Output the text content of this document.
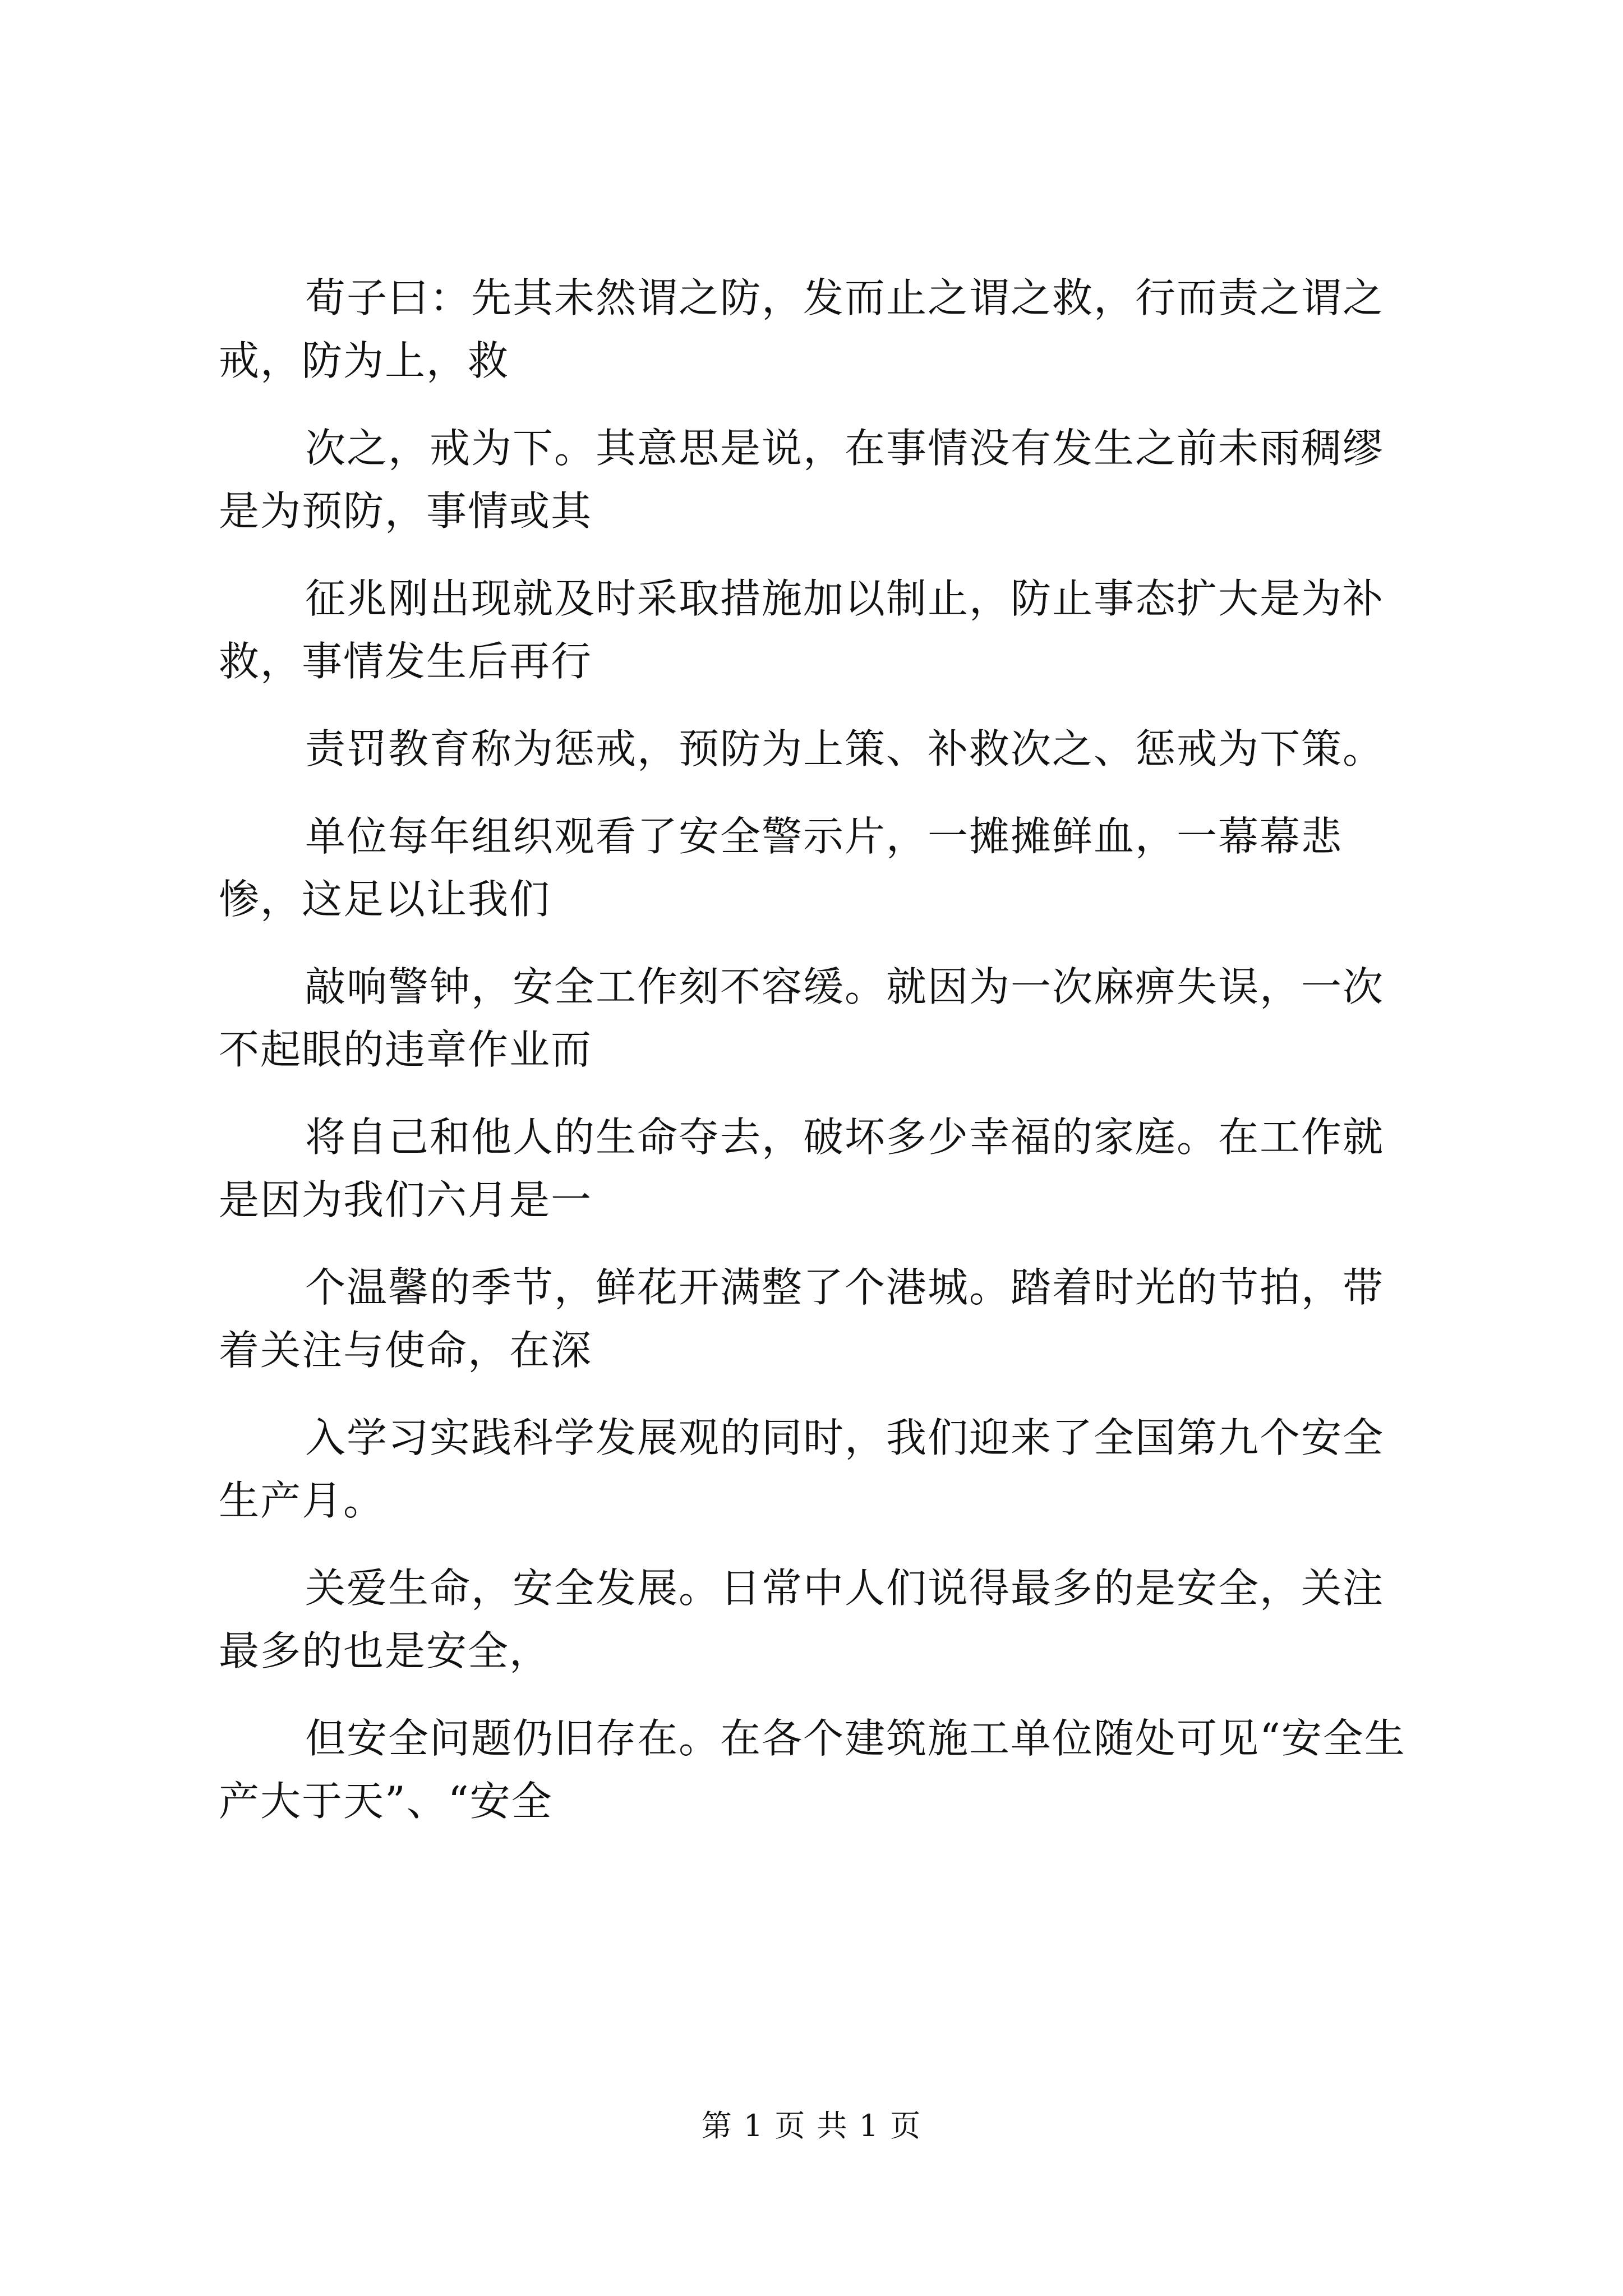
荀子曰：先其未然谓之防，发而止之谓之救，行而责之谓之戒，防为上，救

次之，戒为下。其意思是说，在事情没有发生之前未雨稠缪是为预防，事情或其

征兆刚出现就及时采取措施加以制止，防止事态扩大是为补救，事情发生后再行

责罚教育称为惩戒，预防为上策、补救次之、惩戒为下策。

单位每年组织观看了安全警示片，一摊摊鲜血，一幕幕悲惨，这足以让我们

敲响警钟，安全工作刻不容缓。就因为一次麻痹失误，一次不起眼的违章作业而

将自己和他人的生命夺去，破坏多少幸福的家庭。在工作就是因为我们六月是一

个温馨的季节，鲜花开满整了个港城。踏着时光的节拍，带着关注与使命，在深

入学习实践科学发展观的同时，我们迎来了全国第九个安全生产月。

关爱生命，安全发展。日常中人们说得最多的是安全，关注最多的也是安全，

但安全问题仍旧存在。在各个建筑施工单位随处可见“安全生产大于天”、“安全

第 1 页 共 1 页
